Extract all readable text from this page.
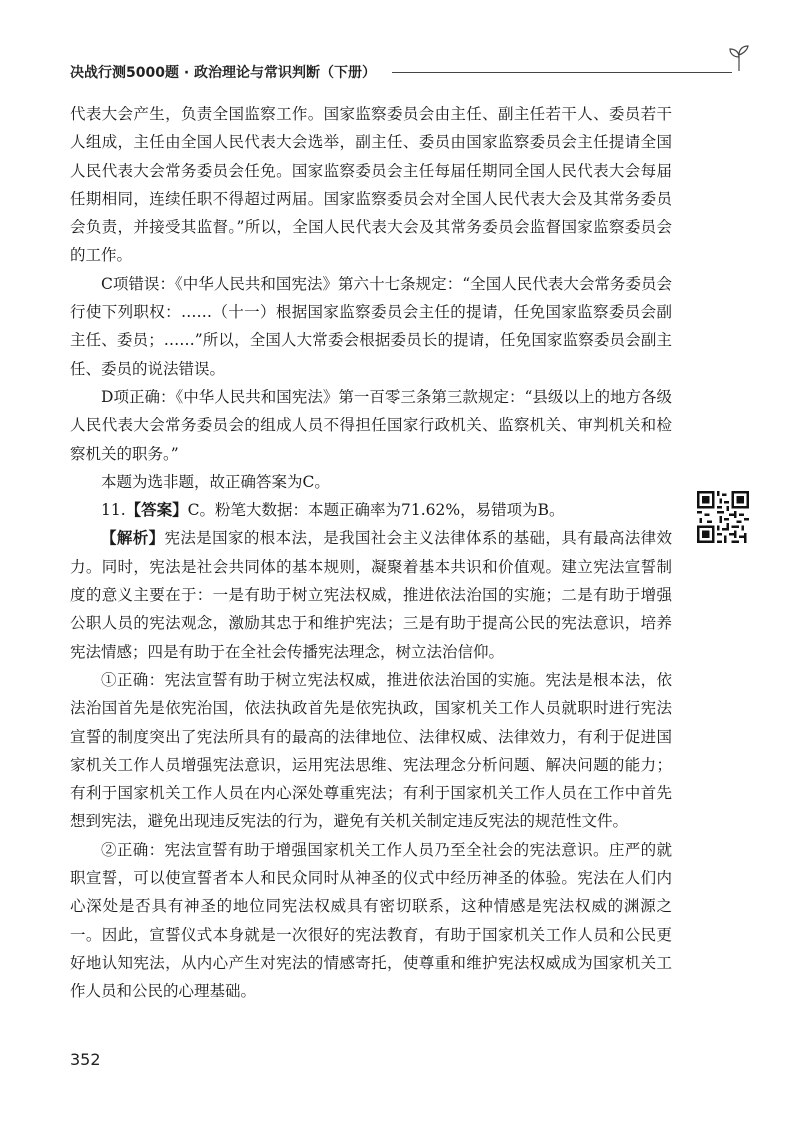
决战行测5000题 · 政治理论与常识判断（下册）

代表大会产生，负责全国监察工作。国家监察委员会由主任、副主任若干人、委员若干人组成，主任由全国人民代表大会选举，副主任、委员由国家监察委员会主任提请全国人民代表大会常务委员会任免。国家监察委员会主任每届任期同全国人民代表大会每届任期相同，连续任职不得超过两届。国家监察委员会对全国人民代表大会及其常务委员会负责，并接受其监督。”所以，全国人民代表大会及其常务委员会监督国家监察委员会的工作。

C项错误：《中华人民共和国宪法》第六十七条规定：“全国人民代表大会常务委员会行使下列职权：……（十一）根据国家监察委员会主任的提请，任免国家监察委员会副主任、委员；……”所以，全国人大常委会根据委员长的提请，任免国家监察委员会副主任、委员的说法错误。

D项正确：《中华人民共和国宪法》第一百零三条第三款规定：“县级以上的地方各级人民代表大会常务委员会的组成人员不得担任国家行政机关、监察机关、审判机关和检察机关的职务。”

本题为选非题，故正确答案为C。

11.【答案】C。粉笔大数据：本题正确率为71.62%，易错项为B。

【解析】宪法是国家的根本法，是我国社会主义法律体系的基础，具有最高法律效力。同时，宪法是社会共同体的基本规则，凝聚着基本共识和价值观。建立宪法宣誓制度的意义主要在于：一是有助于树立宪法权威，推进依法治国的实施；二是有助于增强公职人员的宪法观念，激励其忠于和维护宪法；三是有助于提高公民的宪法意识，培养宪法情感；四是有助于在全社会传播宪法理念，树立法治信仰。

①正确：宪法宣誓有助于树立宪法权威，推进依法治国的实施。宪法是根本法，依法治国首先是依宪治国，依法执政首先是依宪执政，国家机关工作人员就职时进行宪法宣誓的制度突出了宪法所具有的最高的法律地位、法律权威、法律效力，有利于促进国家机关工作人员增强宪法意识，运用宪法思维、宪法理念分析问题、解决问题的能力；有利于国家机关工作人员在内心深处尊重宪法；有利于国家机关工作人员在工作中首先想到宪法，避免出现违反宪法的行为，避免有关机关制定违反宪法的规范性文件。

②正确：宪法宣誓有助于增强国家机关工作人员乃至全社会的宪法意识。庄严的就职宣誓，可以使宣誓者本人和民众同时从神圣的仪式中经历神圣的体验。宪法在人们内心深处是否具有神圣的地位同宪法权威具有密切联系，这种情感是宪法权威的渊源之一。因此，宣誓仪式本身就是一次很好的宪法教育，有助于国家机关工作人员和公民更好地认知宪法，从内心产生对宪法的情感寄托，使尊重和维护宪法权威成为国家机关工作人员和公民的心理基础。

352
